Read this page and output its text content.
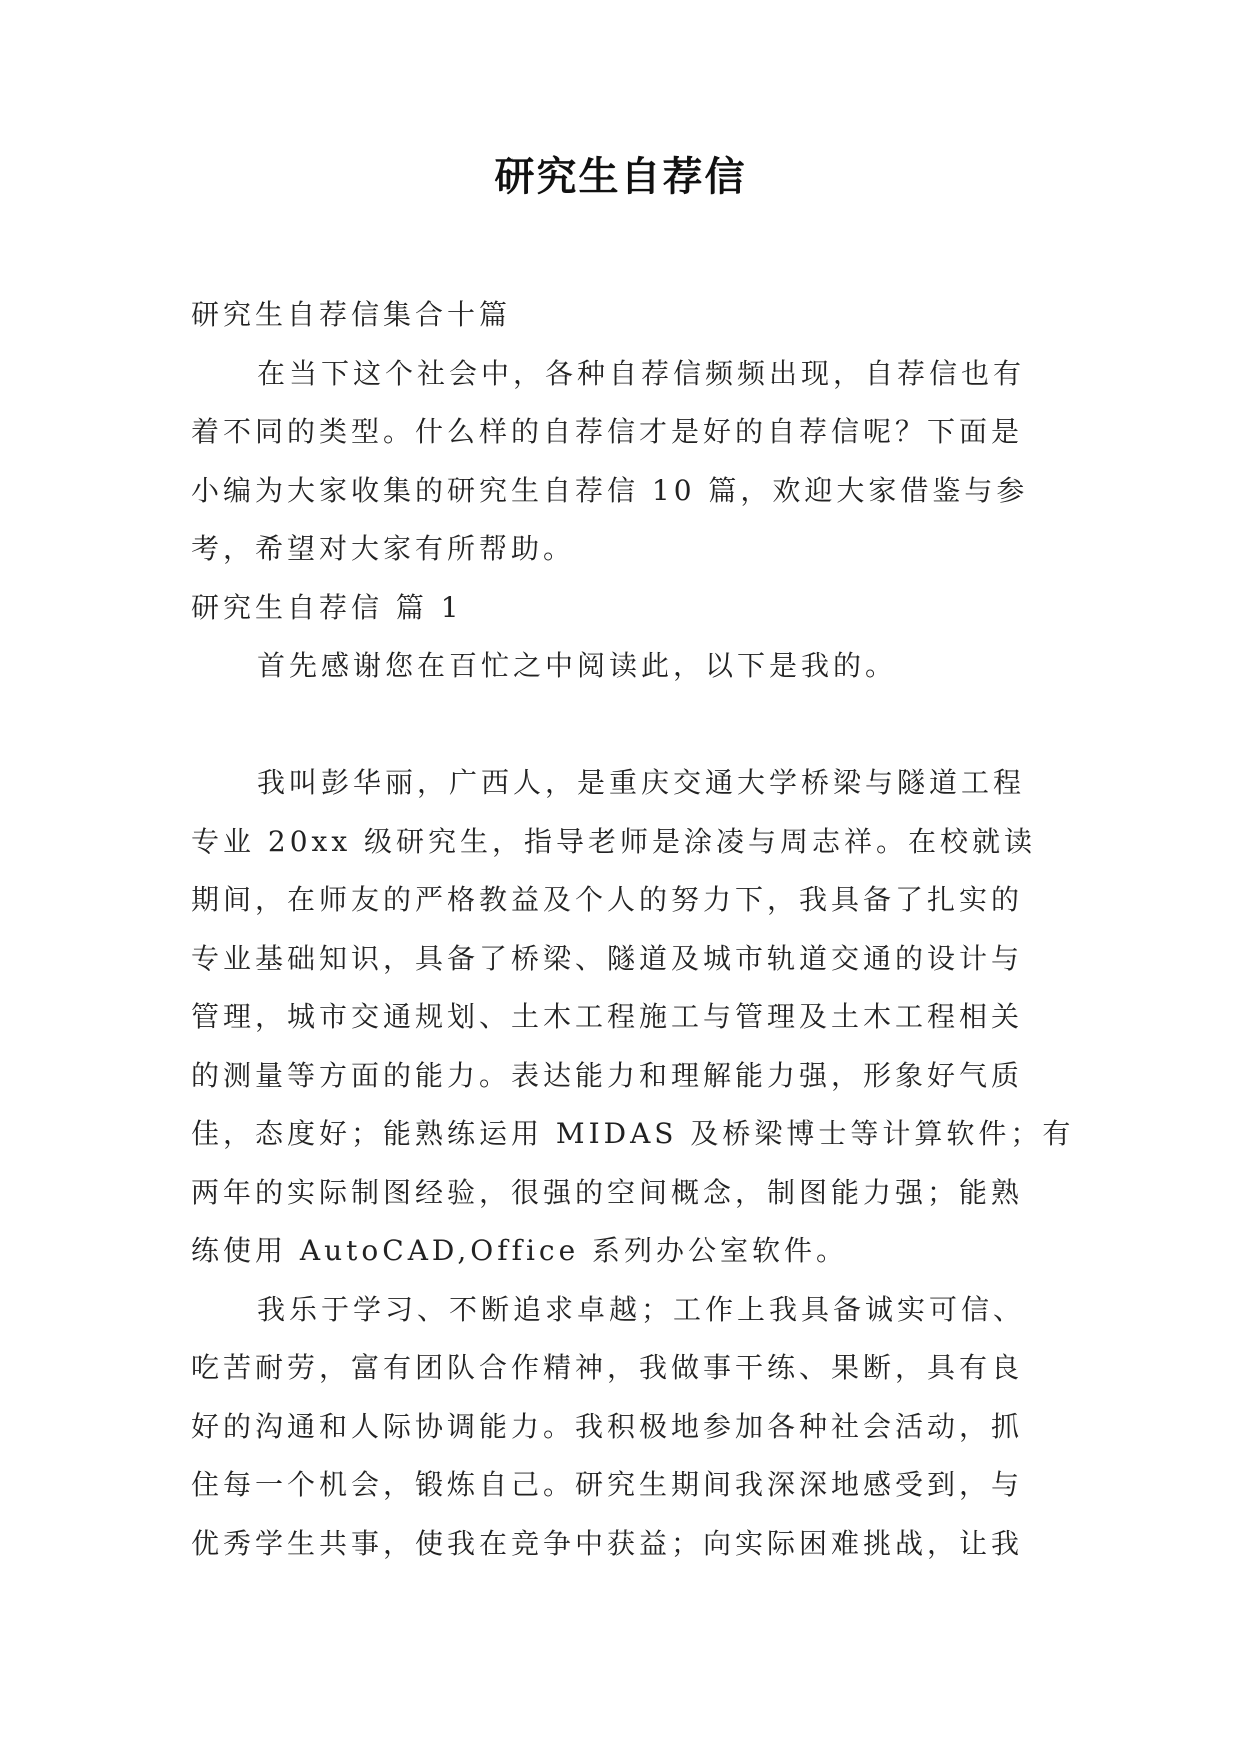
研究生自荐信
研究生自荐信集合十篇
在当下这个社会中，各种自荐信频频出现，自荐信也有
着不同的类型。什么样的自荐信才是好的自荐信呢？下面是
小编为大家收集的研究生自荐信 10 篇，欢迎大家借鉴与参
考，希望对大家有所帮助。
研究生自荐信 篇 1
首先感谢您在百忙之中阅读此，以下是我的。
我叫彭华丽，广西人，是重庆交通大学桥梁与隧道工程
专业 20xx 级研究生，指导老师是涂凌与周志祥。在校就读
期间，在师友的严格教益及个人的努力下，我具备了扎实的
专业基础知识，具备了桥梁、隧道及城市轨道交通的设计与
管理，城市交通规划、土木工程施工与管理及土木工程相关
的测量等方面的能力。表达能力和理解能力强，形象好气质
佳，态度好；能熟练运用 MIDAS 及桥梁博士等计算软件；有
两年的实际制图经验，很强的空间概念，制图能力强；能熟
练使用 AutoCAD,Office 系列办公室软件。
我乐于学习、不断追求卓越；工作上我具备诚实可信、
吃苦耐劳，富有团队合作精神，我做事干练、果断，具有良
好的沟通和人际协调能力。我积极地参加各种社会活动，抓
住每一个机会，锻炼自己。研究生期间我深深地感受到，与
优秀学生共事，使我在竞争中获益；向实际困难挑战，让我
